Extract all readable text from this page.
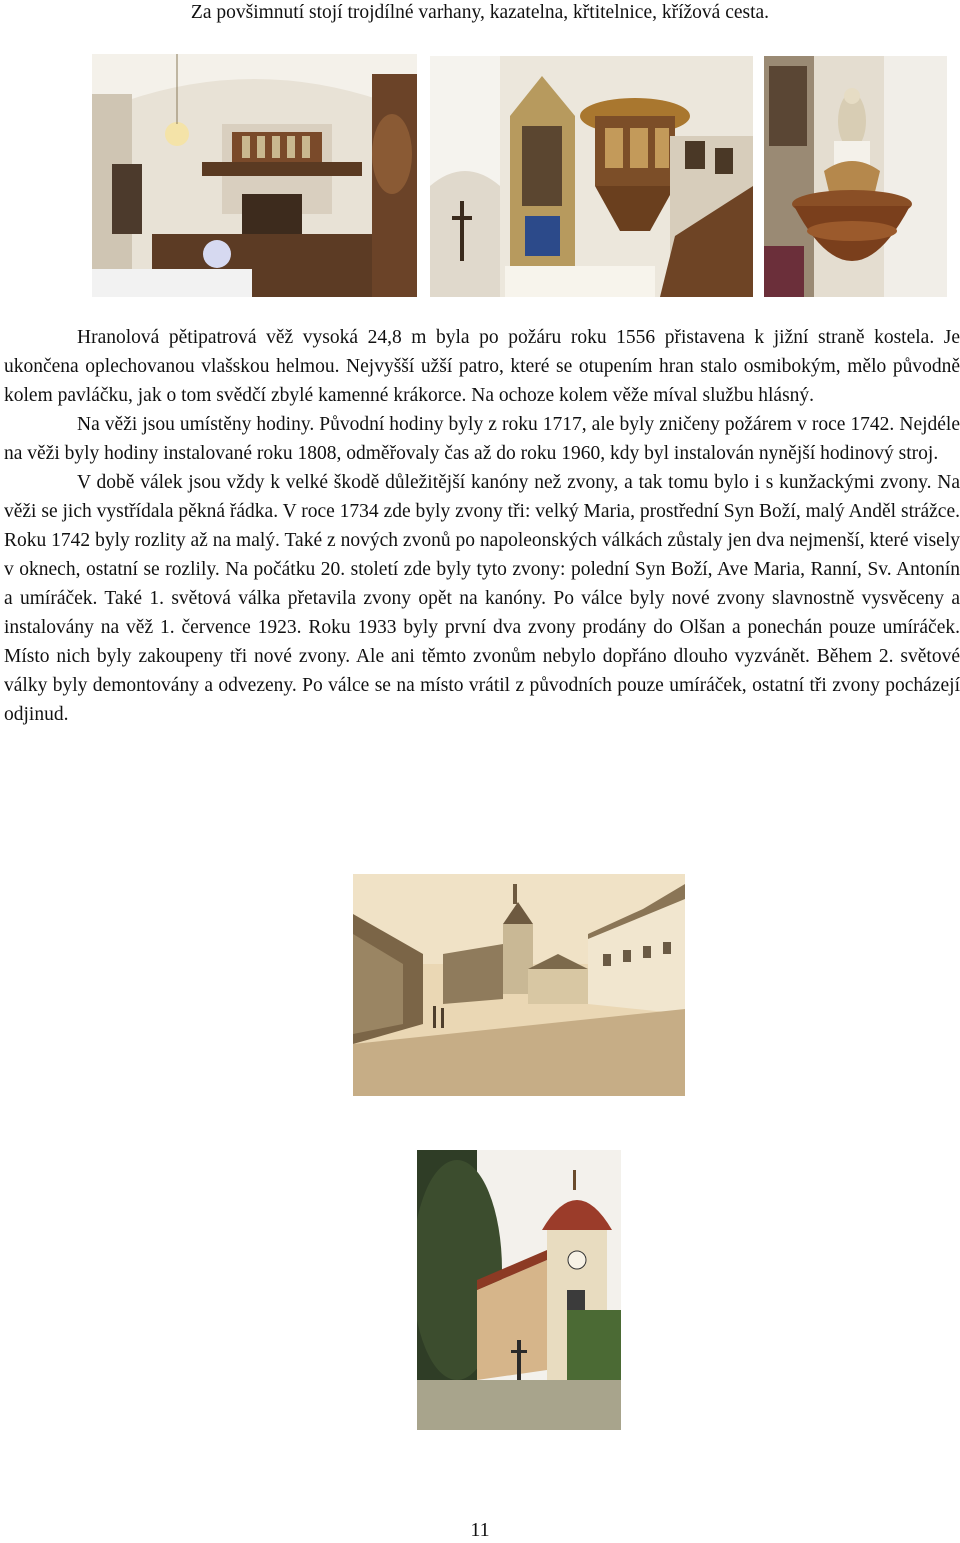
Za povšimnutí stojí trojdílné varhany, kazatelna, křtitelnice, křížová cesta.

Hranolová pětipatrová věž vysoká 24,8 m byla po požáru roku 1556 přistavena k jižní straně kostela. Je ukončena oplechovanou vlašskou helmou. Nejvyšší užší patro, které se otupením hran stalo osmibokým, mělo původně kolem pavláčku, jak o tom svědčí zbylé kamenné krákorce. Na ochoze kolem věže míval službu hlásný.

Na věži jsou umístěny hodiny. Původní hodiny byly z roku 1717, ale byly zničeny požárem v roce 1742. Nejdéle na věži byly hodiny instalované roku 1808, odměřovaly čas až do roku 1960, kdy byl instalován nynější hodinový stroj.

V době válek jsou vždy k velké škodě důležitější kanóny než zvony, a tak tomu bylo i s kunžackými zvony. Na věži se jich vystřídala pěkná řádka. V roce 1734 zde byly zvony tři: velký Maria, prostřední Syn Boží, malý Anděl strážce. Roku 1742 byly rozlity až na malý. Také z nových zvonů po napoleonských válkách zůstaly jen dva nejmenší, které visely v oknech, ostatní se rozlily. Na počátku 20. století zde byly tyto zvony: polední Syn Boží, Ave Maria, Ranní, Sv. Antonín a umíráček. Také 1. světová válka přetavila zvony opět na kanóny. Po válce byly nové zvony slavnostně vysvěceny a instalovány na věž 1. července 1923. Roku 1933 byly první dva zvony prodány do Olšan a ponechán pouze umíráček. Místo nich byly zakoupeny tři nové zvony. Ale ani těmto zvonům nebylo dopřáno dlouho vyzvánět. Během 2. světové války byly demontovány a odvezeny. Po válce se na místo vrátil z původních pouze umíráček, ostatní tři zvony pocházejí odjinud.

11
